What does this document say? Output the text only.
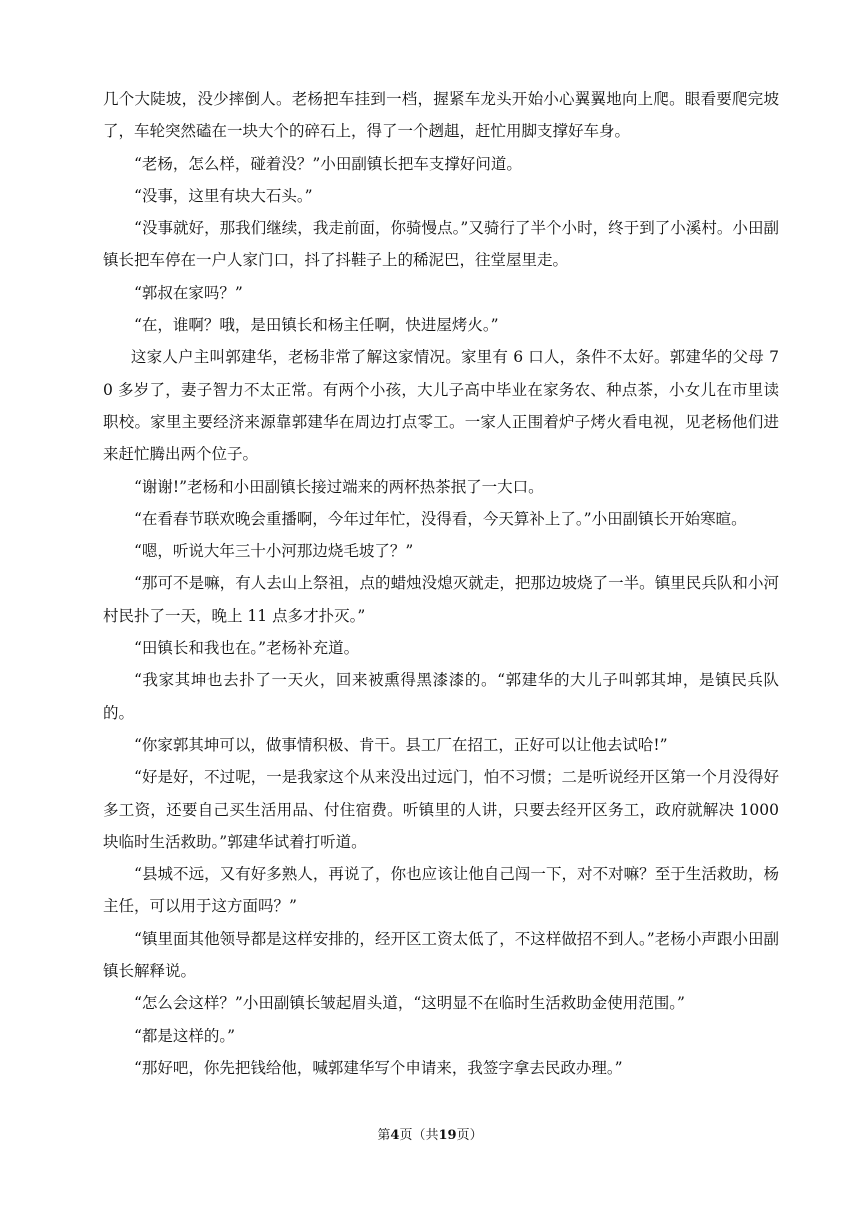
几个大陡坡，没少摔倒人。老杨把车挂到一档，握紧车龙头开始小心翼翼地向上爬。眼看要爬完坡了，车轮突然磕在一块大个的碎石上，得了一个趔趄，赶忙用脚支撑好车身。

“老杨，怎么样，碰着没？”小田副镇长把车支撑好问道。

“没事，这里有块大石头。”

“没事就好，那我们继续，我走前面，你骑慢点。”又骑行了半个小时，终于到了小溪村。小田副镇长把车停在一户人家门口，抖了抖鞋子上的稀泥巴，往堂屋里走。

“郭叔在家吗？”

“在，谁啊？哦，是田镇长和杨主任啊，快进屋烤火。”

这家人户主叫郭建华，老杨非常了解这家情况。家里有 6 口人，条件不太好。郭建华的父母 70 多岁了，妻子智力不太正常。有两个小孩，大儿子高中毕业在家务农、种点茶，小女儿在市里读职校。家里主要经济来源靠郭建华在周边打点零工。一家人正围着炉子烤火看电视，见老杨他们进来赶忙腾出两个位子。

“谢谢!”老杨和小田副镇长接过端来的两杯热茶抿了一大口。

“在看春节联欢晚会重播啊，今年过年忙，没得看，今天算补上了。”小田副镇长开始寒暄。

“嗯，听说大年三十小河那边烧毛坡了？”

“那可不是嘛，有人去山上祭祖，点的蜡烛没熄灭就走，把那边坡烧了一半。镇里民兵队和小河村民扑了一天，晚上 11 点多才扑灭。”

“田镇长和我也在。”老杨补充道。

“我家其坤也去扑了一天火，回来被熏得黑漆漆的。“郭建华的大儿子叫郭其坤，是镇民兵队的。

“你家郭其坤可以，做事情积极、肯干。县工厂在招工，正好可以让他去试哈!”

“好是好，不过呢，一是我家这个从来没出过远门，怕不习惯；二是听说经开区第一个月没得好多工资，还要自己买生活用品、付住宿费。听镇里的人讲，只要去经开区务工，政府就解决 1000 块临时生活救助。”郭建华试着打听道。

“县城不远，又有好多熟人，再说了，你也应该让他自己闯一下，对不对嘛？至于生活救助，杨主任，可以用于这方面吗？”

“镇里面其他领导都是这样安排的，经开区工资太低了，不这样做招不到人。”老杨小声跟小田副镇长解释说。

“怎么会这样？”小田副镇长皱起眉头道，“这明显不在临时生活救助金使用范围。”

“都是这样的。”

“那好吧，你先把钱给他，喊郭建华写个申请来，我签字拿去民政办理。”

第4页（共19页）
